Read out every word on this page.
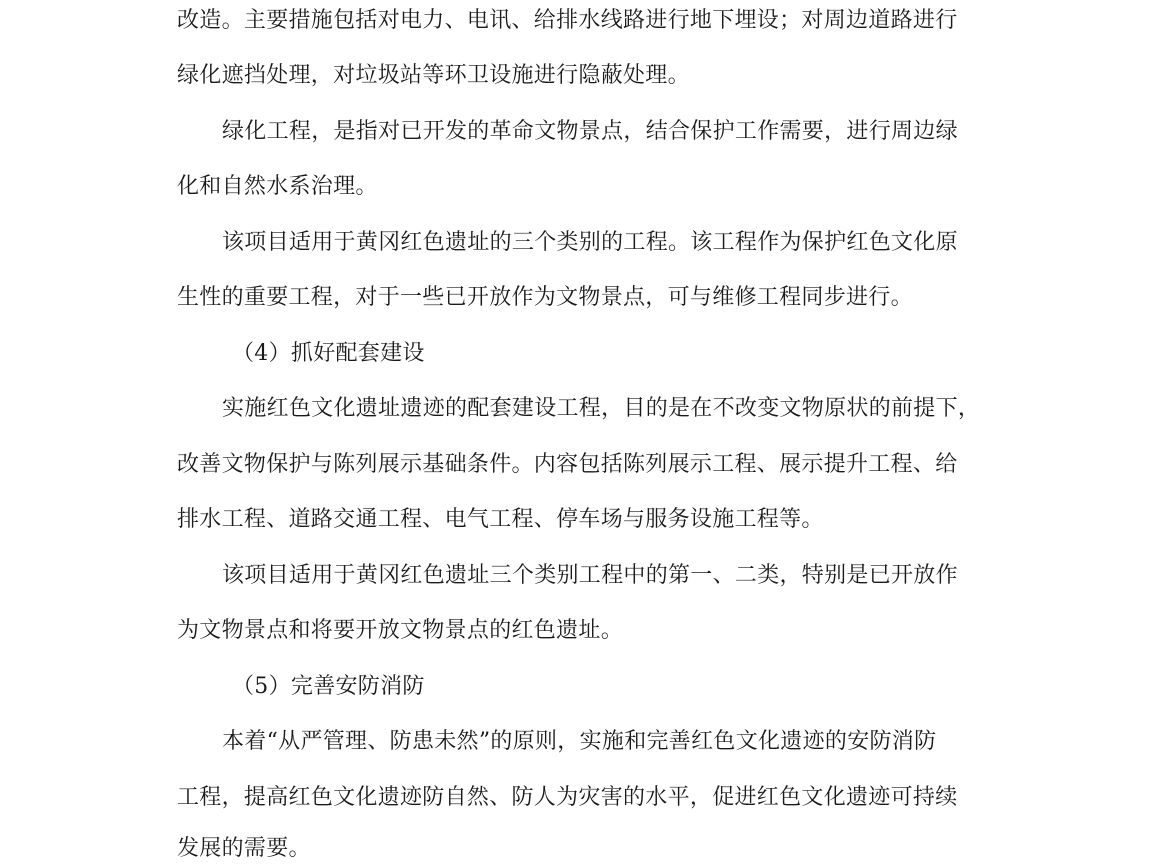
改造。主要措施包括对电力、电讯、给排水线路进行地下埋设；对周边道路进行
绿化遮挡处理，对垃圾站等环卫设施进行隐蔽处理。
绿化工程，是指对已开发的革命文物景点，结合保护工作需要，进行周边绿
化和自然水系治理。
该项目适用于黄冈红色遗址的三个类别的工程。该工程作为保护红色文化原
生性的重要工程，对于一些已开放作为文物景点，可与维修工程同步进行。
（4）抓好配套建设
实施红色文化遗址遗迹的配套建设工程，目的是在不改变文物原状的前提下，
改善文物保护与陈列展示基础条件。内容包括陈列展示工程、展示提升工程、给
排水工程、道路交通工程、电气工程、停车场与服务设施工程等。
该项目适用于黄冈红色遗址三个类别工程中的第一、二类，特别是已开放作
为文物景点和将要开放文物景点的红色遗址。
（5）完善安防消防
本着“从严管理、防患未然”的原则，实施和完善红色文化遗迹的安防消防
工程，提高红色文化遗迹防自然、防人为灾害的水平，促进红色文化遗迹可持续
发展的需要。
